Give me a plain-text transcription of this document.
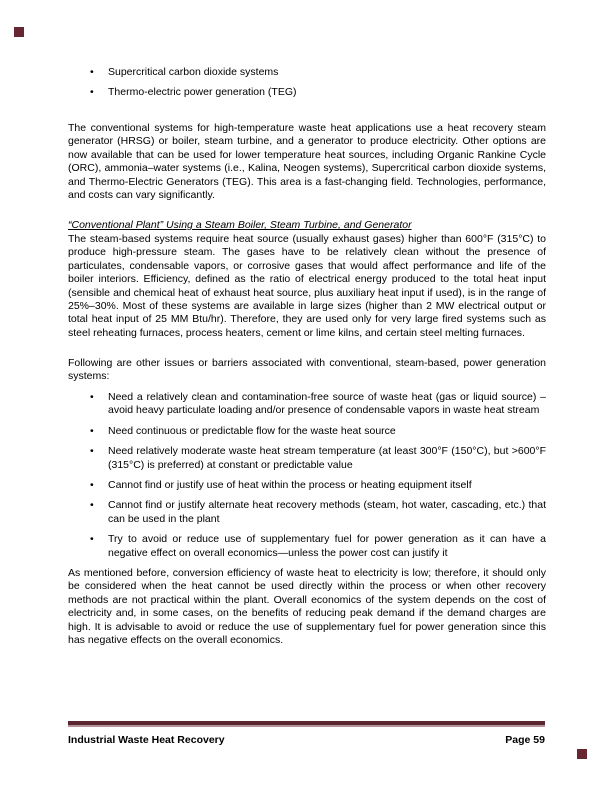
•	Supercritical carbon dioxide systems
•	Thermo-electric power generation (TEG)
The conventional systems for high-temperature waste heat applications use a heat recovery steam generator (HRSG) or boiler, steam turbine, and a generator to produce electricity. Other options are now available that can be used for lower temperature heat sources, including Organic Rankine Cycle (ORC), ammonia–water systems (i.e., Kalina, Neogen systems), Supercritical carbon dioxide systems, and Thermo-Electric Generators (TEG). This area is a fast-changing field. Technologies, performance, and costs can vary significantly.
“Conventional Plant” Using a Steam Boiler, Steam Turbine, and Generator
The steam-based systems require heat source (usually exhaust gases) higher than 600°F (315°C) to produce high-pressure steam. The gases have to be relatively clean without the presence of particulates, condensable vapors, or corrosive gases that would affect performance and life of the boiler interiors. Efficiency, defined as the ratio of electrical energy produced to the total heat input (sensible and chemical heat of exhaust heat source, plus auxiliary heat input if used), is in the range of 25%–30%. Most of these systems are available in large sizes (higher than 2 MW electrical output or total heat input of 25 MM Btu/hr). Therefore, they are used only for very large fired systems such as steel reheating furnaces, process heaters, cement or lime kilns, and certain steel melting furnaces.
Following are other issues or barriers associated with conventional, steam-based, power generation systems:
•	Need a relatively clean and contamination-free source of waste heat (gas or liquid source) – avoid heavy particulate loading and/or presence of condensable vapors in waste heat stream
•	Need continuous or predictable flow for the waste heat source
•	Need relatively moderate waste heat stream temperature (at least 300°F (150°C), but >600°F (315°C) is preferred) at constant or predictable value
•	Cannot find or justify use of heat within the process or heating equipment itself
•	Cannot find or justify alternate heat recovery methods (steam, hot water, cascading, etc.) that can be used in the plant
•	Try to avoid or reduce use of supplementary fuel for power generation as it can have a negative effect on overall economics—unless the power cost can justify it
As mentioned before, conversion efficiency of waste heat to electricity is low; therefore, it should only be considered when the heat cannot be used directly within the process or when other recovery methods are not practical within the plant. Overall economics of the system depends on the cost of electricity and, in some cases, on the benefits of reducing peak demand if the demand charges are high. It is advisable to avoid or reduce the use of supplementary fuel for power generation since this has negative effects on the overall economics.
Industrial Waste Heat Recovery	Page 59
